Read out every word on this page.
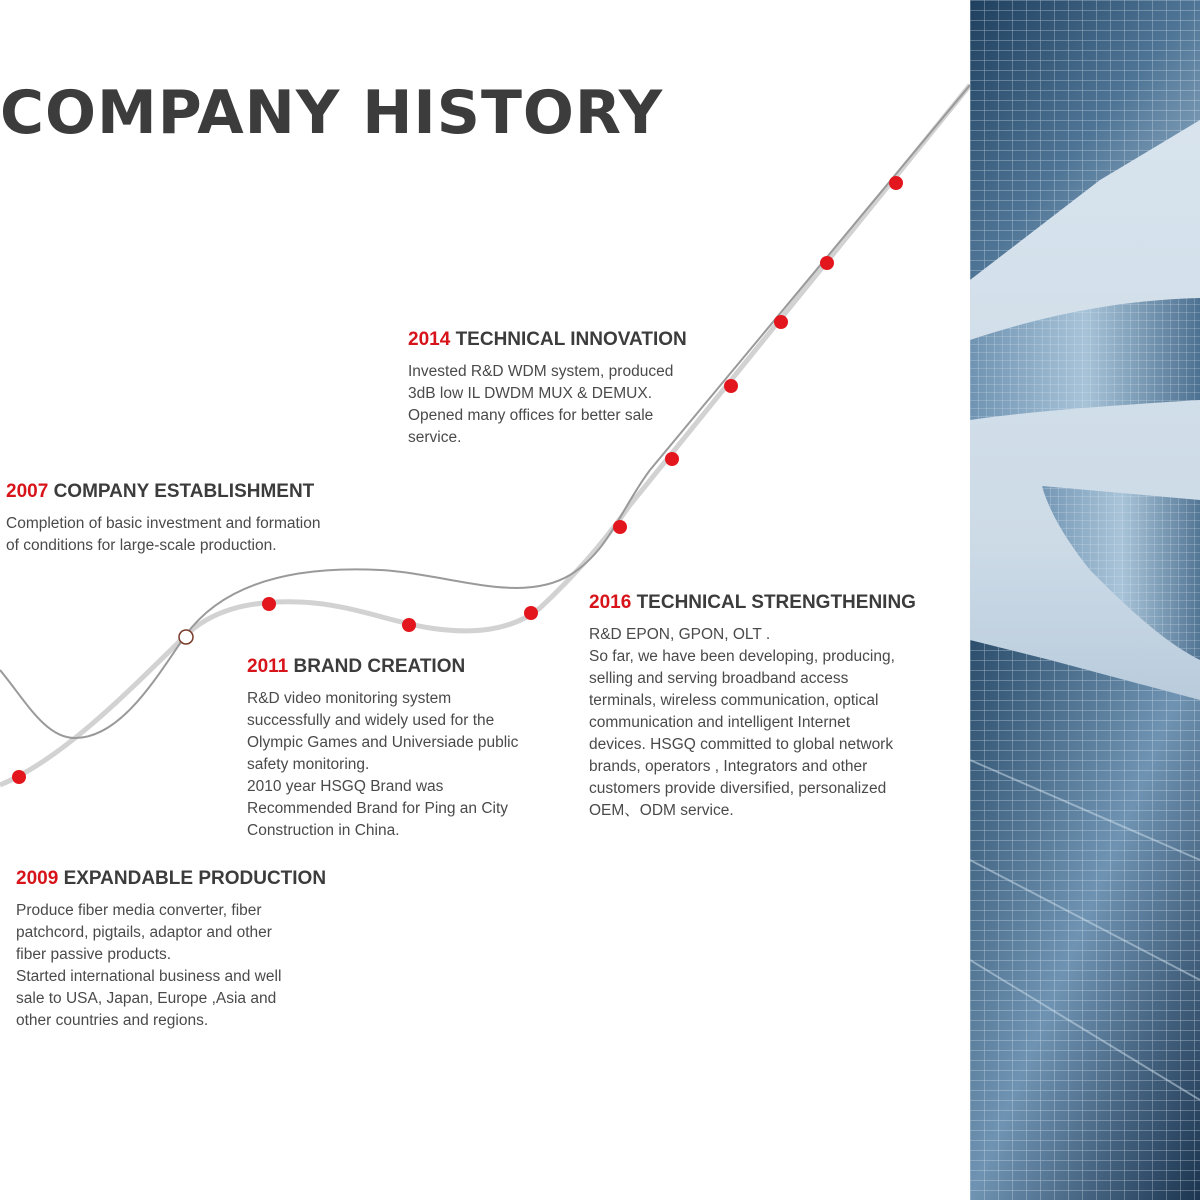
COMPANY HISTORY
2007 COMPANY ESTABLISHMENT

Completion of basic investment and formation
of conditions for large-scale production.

2009 EXPANDABLE PRODUCTION

Produce fiber media converter, fiber
patchcord, pigtails, adaptor and other
fiber passive products.
Started international business and well
sale to USA, Japan, Europe ,Asia and
other countries and regions.

2011 BRAND CREATION

R&D video monitoring system
successfully and widely used for the
Olympic Games and Universiade public
safety monitoring.
2010 year HSGQ Brand was
Recommended Brand for Ping an City
Construction in China.

2014 TECHNICAL INNOVATION

Invested R&D WDM system, produced
3dB low IL DWDM MUX & DEMUX.
Opened many offices for better sale
service.

2016 TECHNICAL STRENGTHENING

R&D EPON, GPON, OLT .
So far, we have been developing, producing,
selling and serving broadband access
terminals, wireless communication, optical
communication and intelligent Internet
devices. HSGQ committed to global network
brands, operators , Integrators and other
customers provide diversified, personalized
OEM、ODM service.
